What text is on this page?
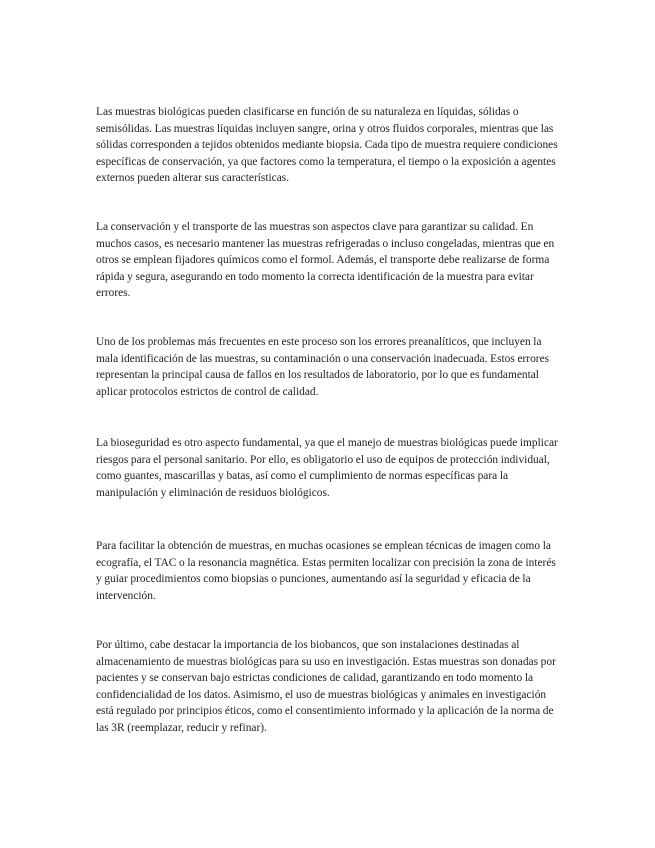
Las muestras biológicas pueden clasificarse en función de su naturaleza en líquidas, sólidas o semisólidas. Las muestras líquidas incluyen sangre, orina y otros fluidos corporales, mientras que las sólidas corresponden a tejidos obtenidos mediante biopsia. Cada tipo de muestra requiere condiciones específicas de conservación, ya que factores como la temperatura, el tiempo o la exposición a agentes externos pueden alterar sus características.

La conservación y el transporte de las muestras son aspectos clave para garantizar su calidad. En muchos casos, es necesario mantener las muestras refrigeradas o incluso congeladas, mientras que en otros se emplean fijadores químicos como el formol. Además, el transporte debe realizarse de forma rápida y segura, asegurando en todo momento la correcta identificación de la muestra para evitar errores.

Uno de los problemas más frecuentes en este proceso son los errores preanalíticos, que incluyen la mala identificación de las muestras, su contaminación o una conservación inadecuada. Estos errores representan la principal causa de fallos en los resultados de laboratorio, por lo que es fundamental aplicar protocolos estrictos de control de calidad.

La bioseguridad es otro aspecto fundamental, ya que el manejo de muestras biológicas puede implicar riesgos para el personal sanitario. Por ello, es obligatorio el uso de equipos de protección individual, como guantes, mascarillas y batas, así como el cumplimiento de normas específicas para la manipulación y eliminación de residuos biológicos.

Para facilitar la obtención de muestras, en muchas ocasiones se emplean técnicas de imagen como la ecografía, el TAC o la resonancia magnética. Estas permiten localizar con precisión la zona de interés y guiar procedimientos como biopsias o punciones, aumentando así la seguridad y eficacia de la intervención.

Por último, cabe destacar la importancia de los biobancos, que son instalaciones destinadas al almacenamiento de muestras biológicas para su uso en investigación. Estas muestras son donadas por pacientes y se conservan bajo estrictas condiciones de calidad, garantizando en todo momento la confidencialidad de los datos. Asimismo, el uso de muestras biológicas y animales en investigación está regulado por principios éticos, como el consentimiento informado y la aplicación de la norma de las 3R (reemplazar, reducir y refinar).
